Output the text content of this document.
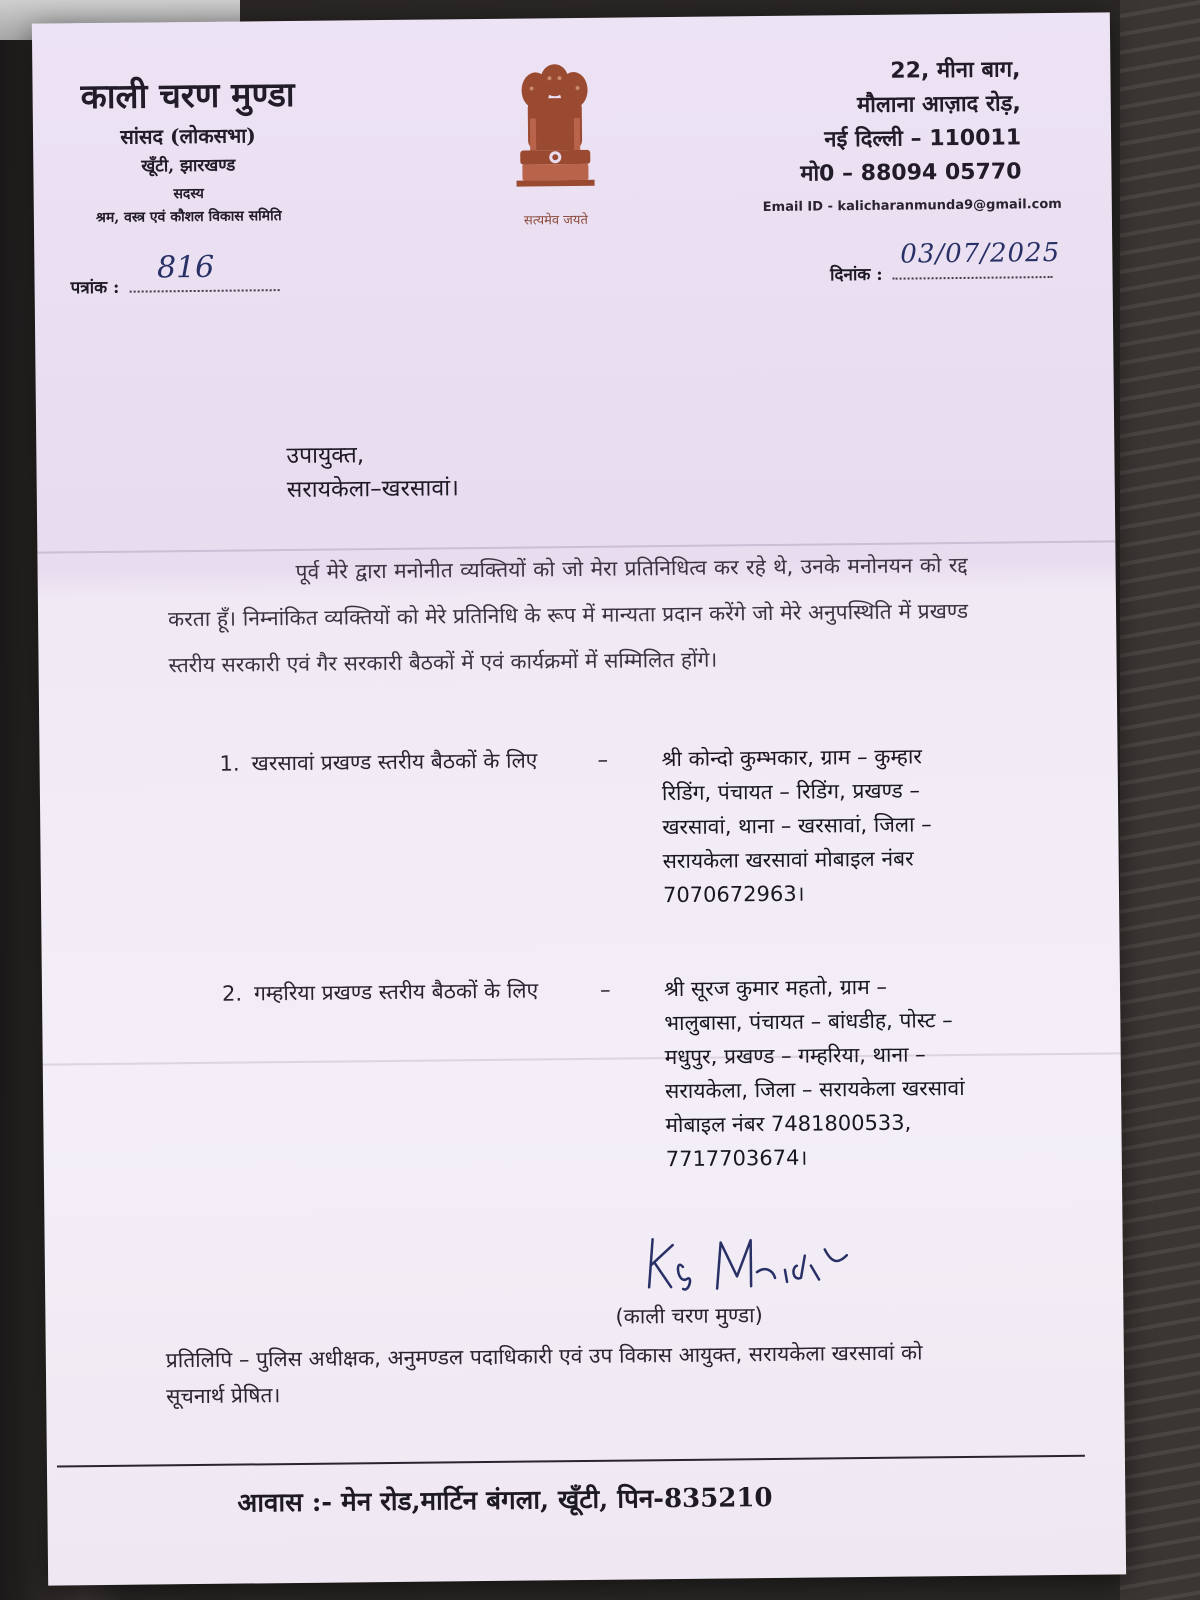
काली चरण मुण्डा
सांसद (लोकसभा)
खूँटी, झारखण्ड
सदस्य
श्रम, वस्त्र एवं कौशल विकास समिति
पत्रांक :
816
सत्यमेव जयते
22, मीना बाग,
मौलाना आज़ाद रोड़,
नई दिल्ली – 110011
मो0 – 88094 05770
Email ID - kalicharanmunda9@gmail.com
दिनांक :
03/07/2025
उपायुक्त,
सरायकेला–खरसावां।
पूर्व मेरे द्वारा मनोनीत व्यक्तियों को जो मेरा प्रतिनिधित्व कर रहे थे, उनके मनोनयन को रद्द करता हूँ। निम्नांकित व्यक्तियों को मेरे प्रतिनिधि के रूप में मान्यता प्रदान करेंगे जो मेरे अनुपस्थिति में प्रखण्ड स्तरीय सरकारी एवं गैर सरकारी बैठकों में एवं कार्यक्रमों में सम्मिलित होंगे।
1. खरसावां प्रखण्ड स्तरीय बैठकों के लिए	–	श्री कोन्दो कुम्भकार, ग्राम – कुम्हार रिडिंग, पंचायत – रिडिंग, प्रखण्ड – खरसावां, थाना – खरसावां, जिला – सरायकेला खरसावां मोबाइल नंबर 7070672963।
2. गम्हरिया प्रखण्ड स्तरीय बैठकों के लिए	–	श्री सूरज कुमार महतो, ग्राम – भालुबासा, पंचायत – बांधडीह, पोस्ट – मधुपुर, प्रखण्ड – गम्हरिया, थाना – सरायकेला, जिला – सरायकेला खरसावां मोबाइल नंबर 7481800533, 7717703674।
(काली चरण मुण्डा)
प्रतिलिपि – पुलिस अधीक्षक, अनुमण्डल पदाधिकारी एवं उप विकास आयुक्त, सरायकेला खरसावां को सूचनार्थ प्रेषित।
आवास :- मेन रोड,मार्टिन बंगला, खूँटी, पिन-835210
